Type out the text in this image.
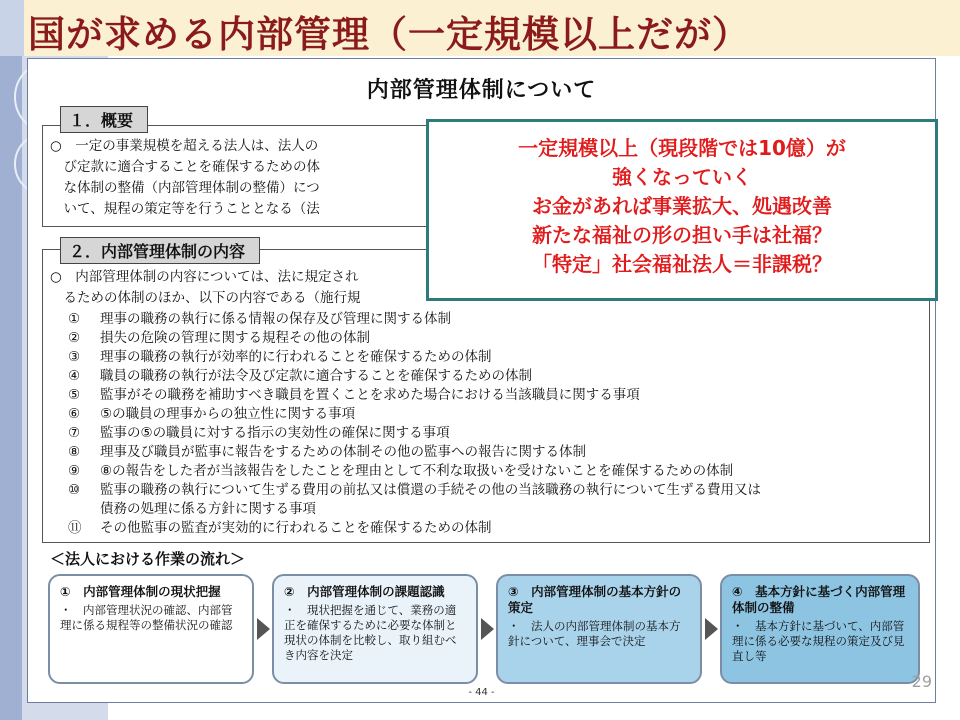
国が求める内部管理（一定規模以上だが）
内部管理体制について
１．概要
○　一定の事業規模を超える法人は、法人の
　び定款に適合することを確保するための体
　な体制の整備（内部管理体制の整備）につ
　いて、規程の策定等を行うこととなる（法
２．内部管理体制の内容
○　内部管理体制の内容については、法に規定され
　るための体制のほか、以下の内容である（施行規
① 理事の職務の執行に係る情報の保存及び管理に関する体制
② 損失の危険の管理に関する規程その他の体制
③ 理事の職務の執行が効率的に行われることを確保するための体制
④ 職員の職務の執行が法令及び定款に適合することを確保するための体制
⑤ 監事がその職務を補助すべき職員を置くことを求めた場合における当該職員に関する事項
⑥ ⑤の職員の理事からの独立性に関する事項
⑦ 監事の⑤の職員に対する指示の実効性の確保に関する事項
⑧ 理事及び職員が監事に報告をするための体制その他の監事への報告に関する体制
⑨ ⑧の報告をした者が当該報告をしたことを理由として不利な取扱いを受けないことを確保するための体制
⑩ 監事の職務の執行について生ずる費用の前払又は償還の手続その他の当該職務の執行について生ずる費用又は
債務の処理に係る方針に関する事項
⑪ その他監事の監査が実効的に行われることを確保するための体制
＜法人における作業の流れ＞
①　内部管理体制の現状把握
・　内部管理状況の確認、内部管理に係る規程等の整備状況の確認
②　内部管理体制の課題認識
・　現状把握を通じて、業務の適正を確保するために必要な体制と現状の体制を比較し、取り組むべき内容を決定
③　内部管理体制の基本方針の策定
・　法人の内部管理体制の基本方針について、理事会で決定
④　基本方針に基づく内部管理体制の整備
・　基本方針に基づいて、内部管理に係る必要な規程の策定及び見直し等
- 44 -
一定規模以上（現段階では10億）が
強くなっていく
お金があれば事業拡大、処遇改善
新たな福祉の形の担い手は社福？
「特定」社会福祉法人＝非課税？
29
